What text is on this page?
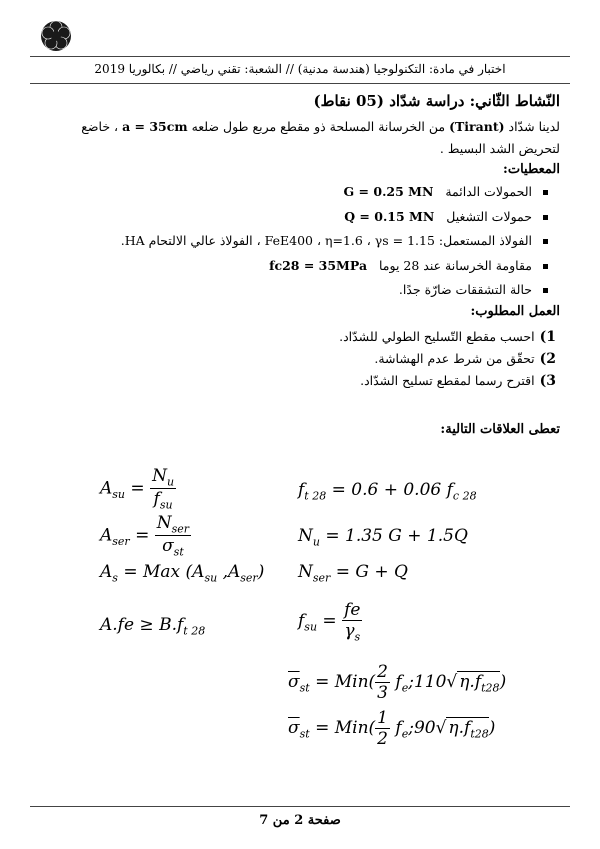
اختبار في مادة: التكنولوجيا (هندسة مدنية) // الشعبة: تقني رياضي // بكالوريا 2019
النّشاط الثّاني: دراسة شدّاد (05 نقاط)
لدينا شدّاد (Tirant) من الخرسانة المسلحة ذو مقطع مربع طول ضلعه a = 35cm ، خاضع لتحريض الشد البسيط .
المعطيات:
الحمولات الدائمة   G = 0.25 MN
حمولات التشغيل   Q = 0.15 MN
الفولاذ المستعمل: FeE400 ، η=1.6 ، γs = 1.15 ، الفولاذ عالي الالتحام HA.
مقاومة الخرسانة عند 28 يوما   fc28 = 35MPa
حالة التشققات ضارّة جدًا.
العمل المطلوب:
1)احسب مقطع التّسليح الطولي للشدّاد.
2)تحقّق من شرط عدم الهشاشة.
3)اقترح رسما لمقطع تسليح الشدّاد.
تعطى العلاقات التالية:
$A_{su} = \frac{N_u}{f_{su}}$
$A_{ser} = \frac{N_{ser}}{\overline{\sigma}_{st}}$
$A_s$ = Max ($A_{su}$ $,A_{ser}$)
$A.fe \ge B.f_{t 28}$
$f_{t 28} = 0.6 + 0.06$ $f_{c 28}$
$N_u = 1.35$ G + 1.5Q
$N_{ser} = G + Q$
$f_{su} = \frac{fe}{\gamma_s}$
$\overline{\sigma}_{st} = Min( \frac{2}{3}$ $f_e;110√$ $\eta.f_{t28}$)
$\overline{\sigma}_{st} = Min( \frac{1}{2}$ $f_e;90√$ $\eta.f_{t28}$)
صفحة 2 من 7
